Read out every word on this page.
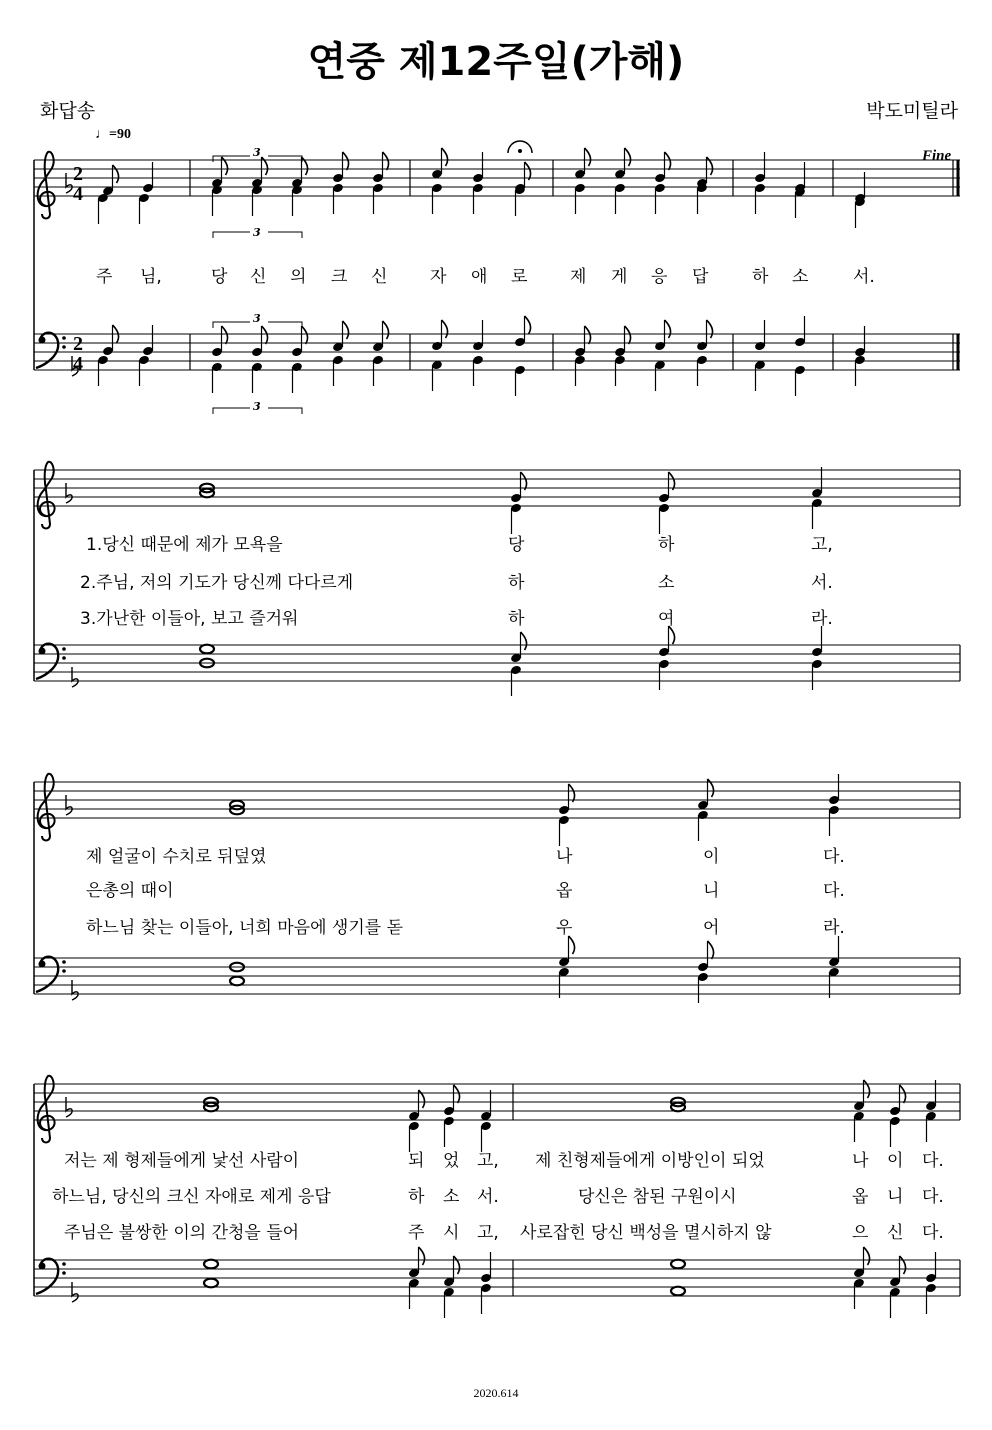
연중 제12주일(가해)
화답송	박도미틸라
♩=90
2
4
2
4
Fine
3
3
3
3
주 님,	당 신 의 크 신	자 애 로	제 게 응 답	하 소	서.
1.당신 때문에 제가 모욕을	당	하	고,
2.주님, 저의 기도가 당신께 다다르게	하	소	서.
3.가난한 이들아, 보고 즐거워	하	여	라.
제 얼굴이 수치로 뒤덮였	나	이	다.
은총의 때이	옵	니	다.
하느님 찾는 이들아, 너희 마음에 생기를 돋	우	어	라.
저는 제 형제들에게 낯선 사람이	되 었 고, 제 친형제들에게 이방인이 되었	나 이 다.
하느님, 당신의 크신 자애로 제게 응답	하 소 서.	당신은 참된 구원이시	옵 니 다.
주님은 불쌍한 이의 간청을 들어	주 시 고, 사로잡힌 당신 백성을 멸시하지 않	으 신 다.
2020.614
